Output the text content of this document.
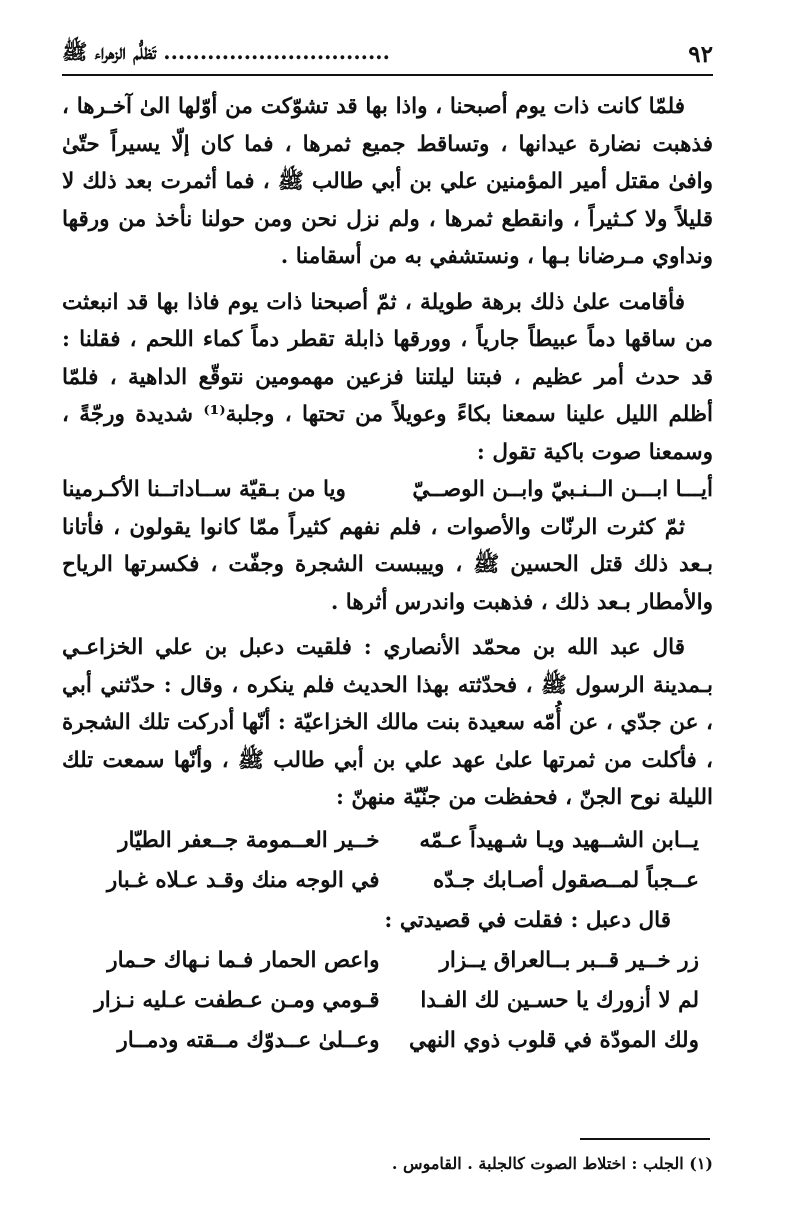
٩٢
............................... تَظلُّم الزهراء ﷺ

فلمّا كانت ذات يوم أصبحنا ، واذا بها قد تشوّكت من أوّلها الىٰ آخـرها ، فذهبت نضارة عيدانها ، وتساقط جميع ثمرها ، فما كان إلّا يسيراً حتّىٰ وافىٰ مقتل أمير المؤمنين علي بن أبي طالب ﷺ ، فما أثمرت بعد ذلك لا قليلاً ولا كـثيراً ، وانقطع ثمرها ، ولم نزل نحن ومن حولنا نأخذ من ورقها ونداوي مـرضانا بـها ، ونستشفي به من أسقامنا .

فأقامت علىٰ ذلك برهة طويلة ، ثمّ أصبحنا ذات يوم فاذا بها قد انبعثت من ساقها دماً عبيطاً جارياً ، وورقها ذابلة تقطر دماً كماء اللحم ، فقلنا : قد حدث أمر عظيم ، فبتنا ليلتنا فزعين مهمومين نتوقّع الداهية ، فلمّا أظلم الليل علينا سمعنا بكاءً وعويلاً من تحتها ، وجلبة⁽¹⁾ شديدة ورجّةً ، وسمعنا صوت باكية تقول :

أيـــا ابـــن الــنـبيّ وابــن الوصــيّ
ويا من بـقيّة ســاداتــنا الأكـرمينا

ثمّ كثرت الرنّات والأصوات ، فلم نفهم كثيراً ممّا كانوا يقولون ، فأتانا بـعد ذلك قتل الحسين ﷺ ، وييبست الشجرة وجفّت ، فكسرتها الرياح والأمطار بـعد ذلك ، فذهبت واندرس أثرها .

قال عبد الله بن محمّد الأنصاري : فلقيت دعبل بن علي الخزاعـي بـمدينة الرسول ﷺ ، فحدّثته بهذا الحديث فلم ينكره ، وقال : حدّثني أبي ، عن جدّي ، عن أُمّه سعيدة بنت مالك الخزاعيّة : أنّها أدركت تلك الشجرة ، فأكلت من ثمرتها علىٰ عهد علي بن أبي طالب ﷺ ، وأنّها سمعت تلك الليلة نوح الجنّ ، فحفظت من جنّيّة منهنّ :

يــابن الشــهيد ويـا شـهيداً عـمّه
خــير العــمومة جــعفر الطيّار
عــجباً لمــصقول أصـابك جـدّه
في الوجه منك وقـد عـلاه غـبار
قال دعبل : فقلت في قصيدتي :
زر خــير قــبر بــالعراق يــزار
واعص الحمار فـما نـهاك حـمار
لم لا أزورك يا حسـين لك الفـدا
قـومي ومـن عـطفت عـليه نـزار
ولك المودّة في قلوب ذوي النهي
وعــلىٰ عــدوّك مــقته ودمــار
(١) الجلب : اختلاط الصوت كالجلبة . القاموس .
